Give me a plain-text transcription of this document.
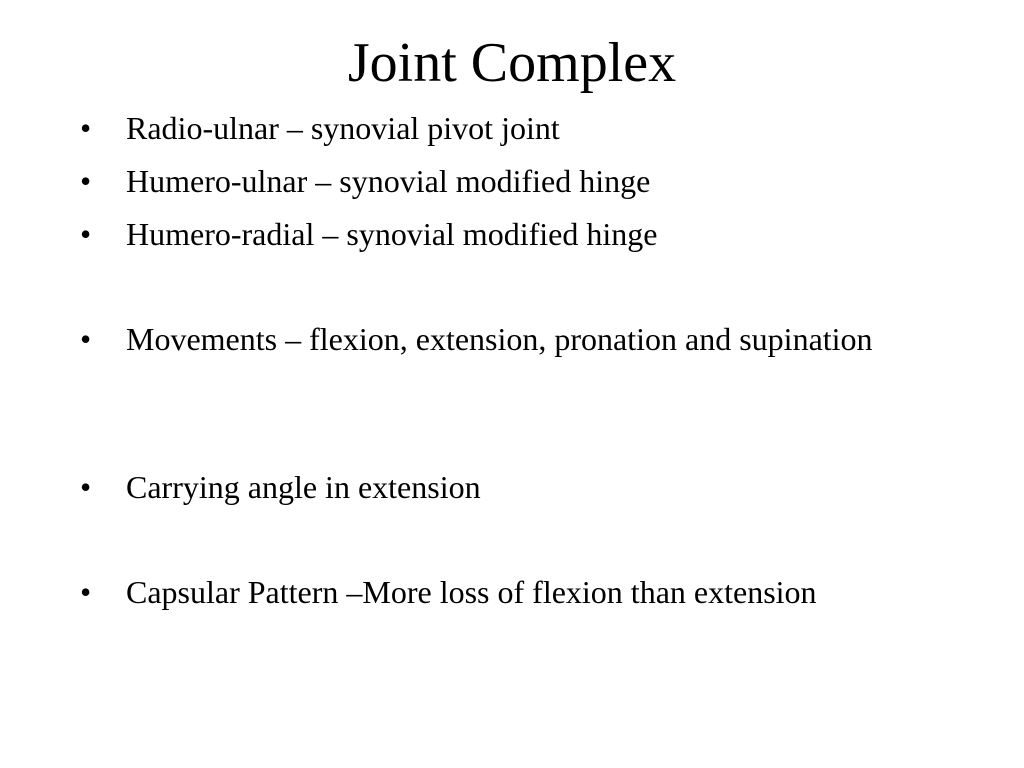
Joint Complex
• Radio-ulnar – synovial pivot joint
• Humero-ulnar – synovial modified hinge
• Humero-radial – synovial modified hinge
• Movements – flexion, extension, pronation and supination
• Carrying angle in extension
• Capsular Pattern –More loss of flexion than extension
